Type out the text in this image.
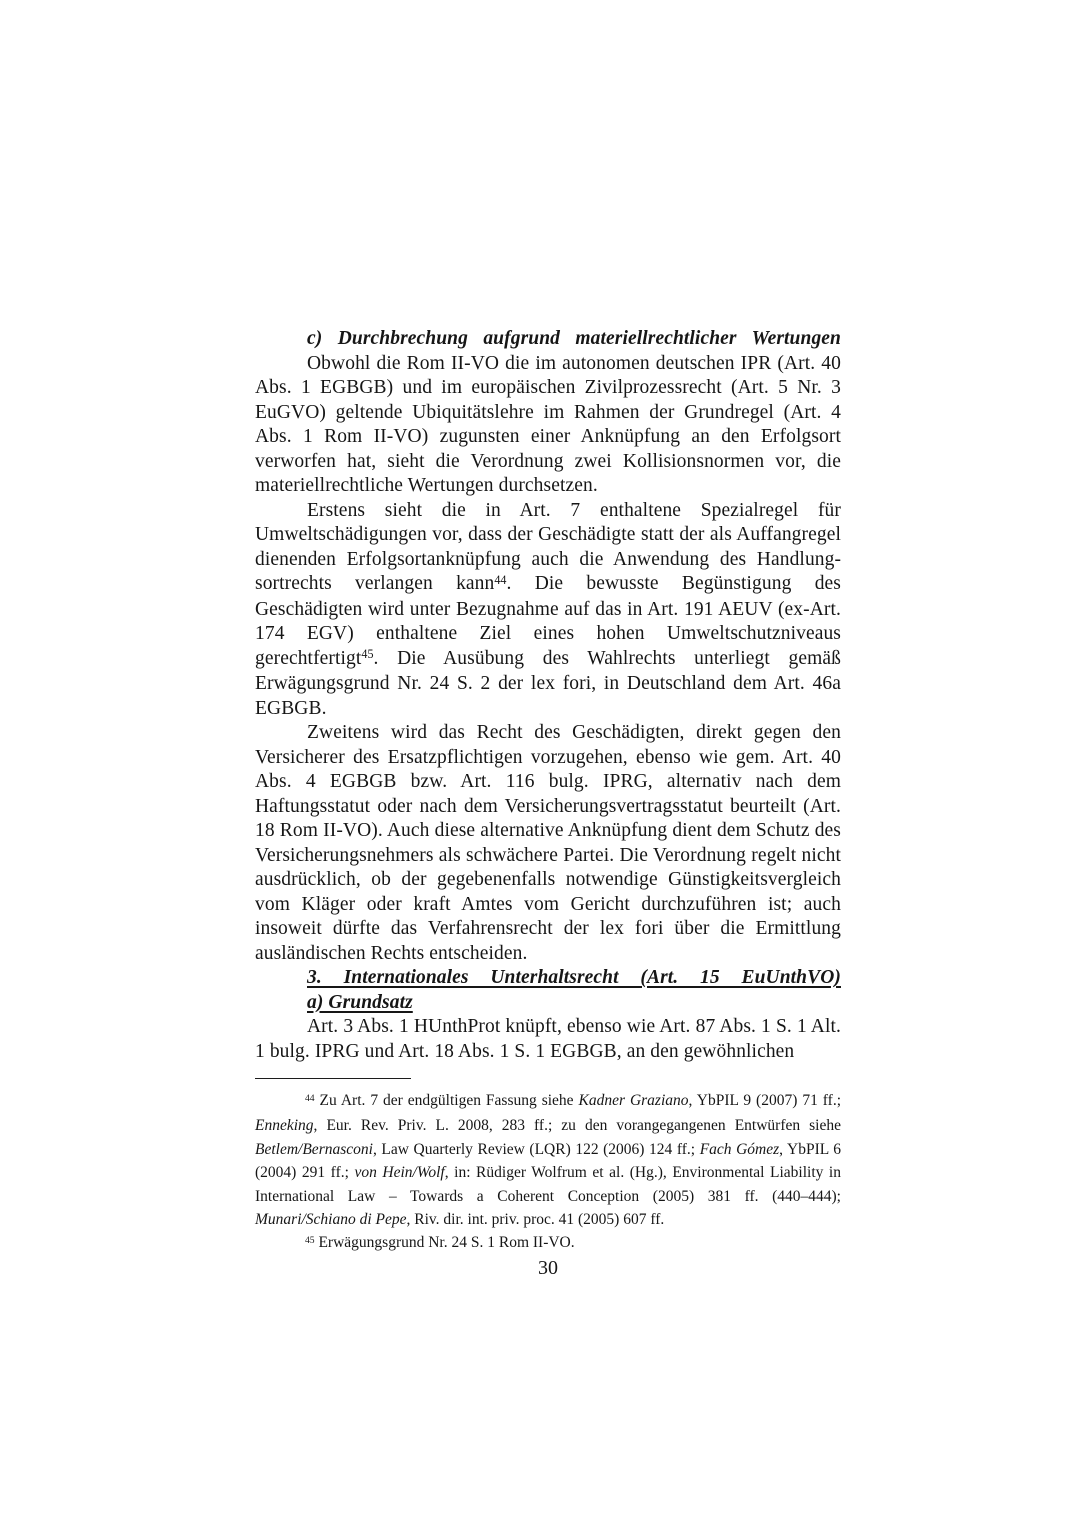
c) Durchbrechung aufgrund materiellrechtlicher Wertungen

Obwohl die Rom II-VO die im autonomen deutschen IPR (Art. 40 Abs. 1 EGBGB) und im europäischen Zivilprozessrecht (Art. 5 Nr. 3 EuGVO) geltende Ubiquitätslehre im Rahmen der Grundregel (Art. 4 Abs. 1 Rom II-VO) zugunsten einer Anknüpfung an den Erfolgsort verworfen hat, sieht die Verordnung zwei Kollisionsnormen vor, die materiellrechtliche Wertungen durchsetzen.

Erstens sieht die in Art. 7 enthaltene Spezialregel für Umweltschädigungen vor, dass der Geschädigte statt der als Auffangregel dienenden Erfolgsortanknüpfung auch die Anwendung des Handlungsortrechts verlangen kann$^{44}$. Die bewusste Begünstigung des Geschädigten wird unter Bezugnahme auf das in Art. 191 AEUV (ex-Art. 174 EGV) enthaltene Ziel eines hohen Umweltschutzniveaus gerechtfertigt$^{45}$. Die Ausübung des Wahlrechts unterliegt gemäß Erwägungsgrund Nr. 24 S. 2 der lex fori, in Deutschland dem Art. 46a EGBGB.

Zweitens wird das Recht des Geschädigten, direkt gegen den Versicherer des Ersatzpflichtigen vorzugehen, ebenso wie gem. Art. 40 Abs. 4 EGBGB bzw. Art. 116 bulg. IPRG, alternativ nach dem Haftungsstatut oder nach dem Versicherungsvertragsstatut beurteilt (Art. 18 Rom II-VO). Auch diese alternative Anknüpfung dient dem Schutz des Versicherungsnehmers als schwächere Partei. Die Verordnung regelt nicht ausdrücklich, ob der gegebenenfalls notwendige Günstigkeitsvergleich vom Kläger oder kraft Amtes vom Gericht durchzuführen ist; auch insoweit dürfte das Verfahrensrecht der lex fori über die Ermittlung ausländischen Rechts entscheiden.

3. Internationales Unterhaltsrecht (Art. 15 EuUnthVO)

a) Grundsatz

Art. 3 Abs. 1 HUnthProt knüpft, ebenso wie Art. 87 Abs. 1 S. 1 Alt. 1 bulg. IPRG und Art. 18 Abs. 1 S. 1 EGBGB, an den gewöhnlichen

$^{44}$ Zu Art. 7 der endgültigen Fassung siehe Kadner Graziano, YbPIL 9 (2007) 71 ff.; Enneking, Eur. Rev. Priv. L. 2008, 283 ff.; zu den vorangegangenen Entwürfen siehe Betlem/Bernasconi, Law Quarterly Review (LQR) 122 (2006) 124 ff.; Fach Gómez, YbPIL 6 (2004) 291 ff.; von Hein/Wolf, in: Rüdiger Wolfrum et al. (Hg.), Environmental Liability in International Law – Towards a Coherent Conception (2005) 381 ff. (440–444); Munari/Schiano di Pepe, Riv. dir. int. priv. proc. 41 (2005) 607 ff.

$^{45}$ Erwägungsgrund Nr. 24 S. 1 Rom II-VO.

30
